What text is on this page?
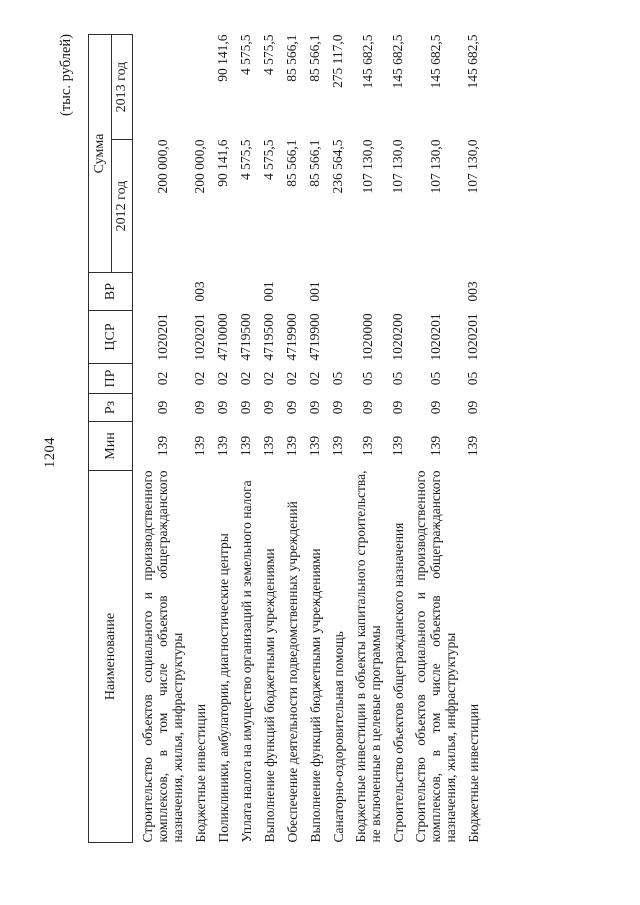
1204
(тыс. рублей)
Наименование	Мин	Рз	ПР	ЦСР	ВР	Сумма	
						2012 год	2013 год
Строительство объектов социального и производственного комплексов, в том числе объектов общегражданского назначения, жилья, инфраструктуры	139	09	02	1020201		200 000,0	
Бюджетные инвестиции	139	09	02	1020201	003	200 000,0	
Поликлиники, амбулатории, диагностические центры	139	09	02	4710000		90 141,6	90 141,6
Уплата налога на имущество организаций и земельного налога	139	09	02	4719500		4 575,5	4 575,5
Выполнение функций бюджетными учреждениями	139	09	02	4719500	001	4 575,5	4 575,5
Обеспечение деятельности подведомственных учреждений	139	09	02	4719900		85 566,1	85 566,1
Выполнение функций бюджетными учреждениями	139	09	02	4719900	001	85 566,1	85 566,1
Санаторно-оздоровительная помощь	139	09	05			236 564,5	275 117,0
Бюджетные инвестиции в объекты капитального строительства, не включенные в целевые программы	139	09	05	1020000		107 130,0	145 682,5
Строительство объектов общегражданского назначения	139	09	05	1020200		107 130,0	145 682,5
Строительство объектов социального и производственного комплексов, в том числе объектов общегражданского назначения, жилья, инфраструктуры	139	09	05	1020201		107 130,0	145 682,5
Бюджетные инвестиции	139	09	05	1020201	003	107 130,0	145 682,5
